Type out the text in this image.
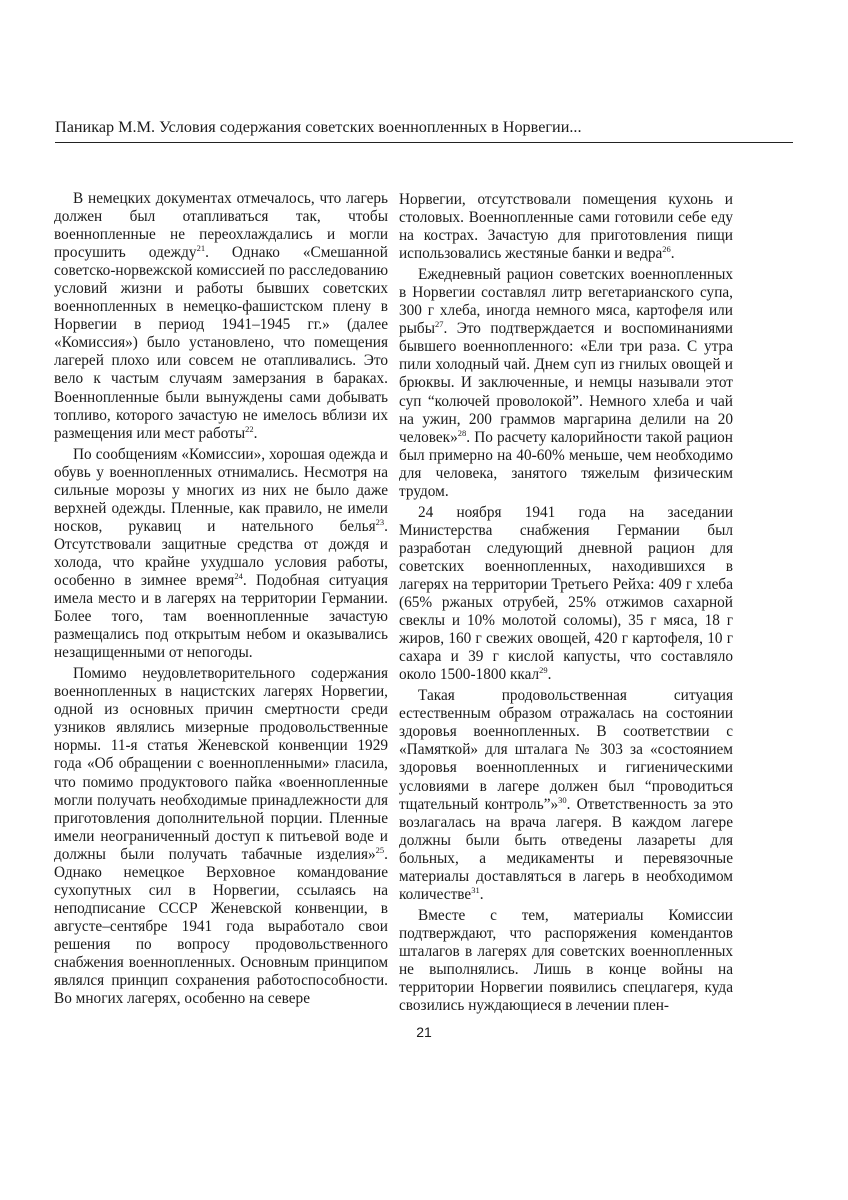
Паникар М.М. Условия содержания советских военнопленных в Норвегии...

В немецких документах отмечалось, что лагерь должен был отапливаться так, чтобы военнопленные не переохлаждались и могли просушить одежду$^{21}$. Однако «Смешанной советско-норвежской комиссией по расследованию условий жизни и работы бывших советских военнопленных в немецко-фашистском плену в Норвегии в период 1941–1945 гг.» (далее «Комиссия») было установлено, что помещения лагерей плохо или совсем не отапливались. Это вело к частым случаям замерзания в бараках. Военнопленные были вынуждены сами добывать топливо, которого зачастую не имелось вблизи их размещения или мест работы$^{22}$.

По сообщениям «Комиссии», хорошая одежда и обувь у военнопленных отнимались. Несмотря на сильные морозы у многих из них не было даже верхней одежды. Пленные, как правило, не имели носков, рукавиц и нательного белья$^{23}$. Отсутствовали защитные средства от дождя и холода, что крайне ухудшало условия работы, особенно в зимнее время$^{24}$. Подобная ситуация имела место и в лагерях на территории Германии. Более того, там военнопленные зачастую размещались под открытым небом и оказывались незащищенными от непогоды.

Помимо неудовлетворительного содержания военнопленных в нацистских лагерях Норвегии, одной из основных причин смертности среди узников являлись мизерные продовольственные нормы. 11-я статья Женевской конвенции 1929 года «Об обращении с военнопленными» гласила, что помимо продуктового пайка «военнопленные могли получать необходимые принадлежности для приготовления дополнительной порции. Пленные имели неограниченный доступ к питьевой воде и должны были получать табачные изделия»$^{25}$. Однако немецкое Верховное командование сухопутных сил в Норвегии, ссылаясь на неподписание СССР Женевской конвенции, в августе–сентябре 1941 года выработало свои решения по вопросу продовольственного снабжения военнопленных. Основным принципом являлся принцип сохранения работоспособности. Во многих лагерях, особенно на севере

Норвегии, отсутствовали помещения кухонь и столовых. Военнопленные сами готовили себе еду на кострах. Зачастую для приготовления пищи использовались жестяные банки и ведра$^{26}$.

Ежедневный рацион советских военнопленных в Норвегии составлял литр вегетарианского супа, 300 г хлеба, иногда немного мяса, картофеля или рыбы$^{27}$. Это подтверждается и воспоминаниями бывшего военнопленного: «Ели три раза. С утра пили холодный чай. Днем суп из гнилых овощей и брюквы. И заключенные, и немцы называли этот суп “колючей проволокой”. Немного хлеба и чай на ужин, 200 граммов маргарина делили на 20 человек»$^{28}$. По расчету калорийности такой рацион был примерно на 40-60% меньше, чем необходимо для человека, занятого тяжелым физическим трудом.

24 ноября 1941 года на заседании Министерства снабжения Германии был разработан следующий дневной рацион для советских военнопленных, находившихся в лагерях на территории Третьего Рейха: 409 г хлеба (65% ржаных отрубей, 25% отжимов сахарной свеклы и 10% молотой соломы), 35 г мяса, 18 г жиров, 160 г свежих овощей, 420 г картофеля, 10 г сахара и 39 г кислой капусты, что составляло около 1500-1800 ккал$^{29}$.

Такая продовольственная ситуация естественным образом отражалась на состоянии здоровья военнопленных. В соответствии с «Памяткой» для шталага № 303 за «состоянием здоровья военнопленных и гигиеническими условиями в лагере должен был “проводиться тщательный контроль”»$^{30}$. Ответственность за это возлагалась на врача лагеря. В каждом лагере должны были быть отведены лазареты для больных, а медикаменты и перевязочные материалы доставляться в лагерь в необходимом количестве$^{31}$.

Вместе с тем, материалы Комиссии подтверждают, что распоряжения комендантов шталагов в лагерях для советских военнопленных не выполнялись. Лишь в конце войны на территории Норвегии появились спецлагеря, куда свозились нуждающиеся в лечении плен-

21
